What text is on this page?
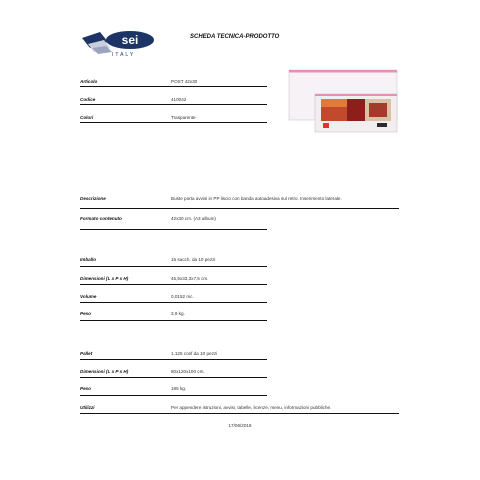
sei
ITALY
SCHEDA TECNICA-PRODOTTO
Articolo	POST 42x30
Codice	410042
Colori	Trasparente
Descrizione	Buste porta avvisi in PP liscio con banda autoadesiva sul retro. Inserimento laterale.
Formato contenuto	42x30 cm. (A3 album)
Imballo	15 sacch. da 10 pezzi
Dimensioni (L x P x H)	45,5x33,3x7,5 cm.
Volume	0,0152 mc.
Peso	3,9 kg.
Pallet	1.125 conf.da 10 pezzi
Dimensioni (L x P x H)	80x120x100 cm.
Peso	185 kg.
Utilizzi	Per appendere istruzioni, avvisi, tabelle, licenze, menu, informazioni pubbliche.
17/06/2019
